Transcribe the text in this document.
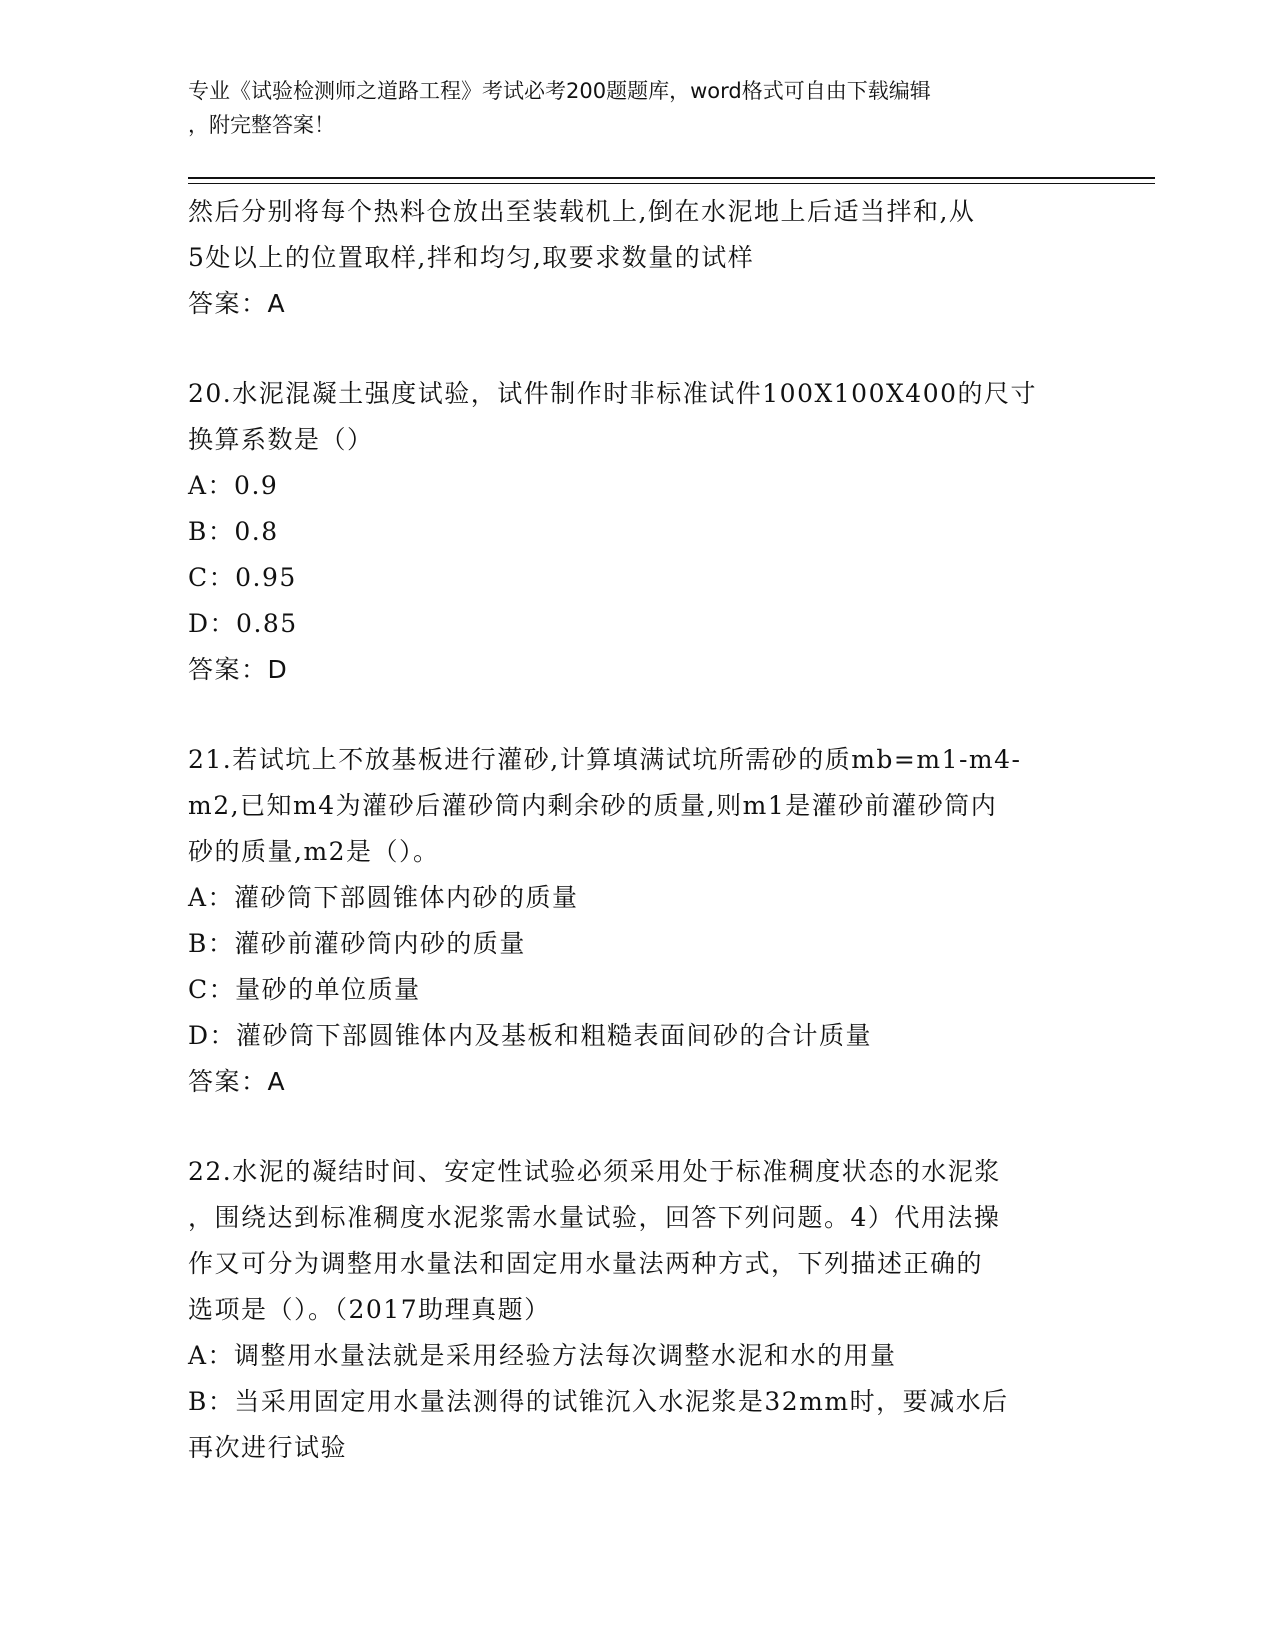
专业《试验检测师之道路工程》考试必考200题题库，word格式可自由下载编辑
，附完整答案！
然后分别将每个热料仓放出至装载机上,倒在水泥地上后适当拌和,从
5处以上的位置取样,拌和均匀,取要求数量的试样
答案：A
20.水泥混凝土强度试验，试件制作时非标准试件100X100X400的尺寸
换算系数是（）
A：0.9
B：0.8
C：0.95
D：0.85
答案：D
21.若试坑上不放基板进行灌砂,计算填满试坑所需砂的质mb=m1-m4-
m2,已知m4为灌砂后灌砂筒内剩余砂的质量,则m1是灌砂前灌砂筒内
砂的质量,m2是（）。
A：灌砂筒下部圆锥体内砂的质量
B：灌砂前灌砂筒内砂的质量
C：量砂的单位质量
D：灌砂筒下部圆锥体内及基板和粗糙表面间砂的合计质量
答案：A
22.水泥的凝结时间、安定性试验必须采用处于标准稠度状态的水泥浆
，围绕达到标准稠度水泥浆需水量试验，回答下列问题。4）代用法操
作又可分为调整用水量法和固定用水量法两种方式，下列描述正确的
选项是（）。（2017助理真题）
A：调整用水量法就是采用经验方法每次调整水泥和水的用量
B：当采用固定用水量法测得的试锥沉入水泥浆是32mm时，要减水后
再次进行试验
